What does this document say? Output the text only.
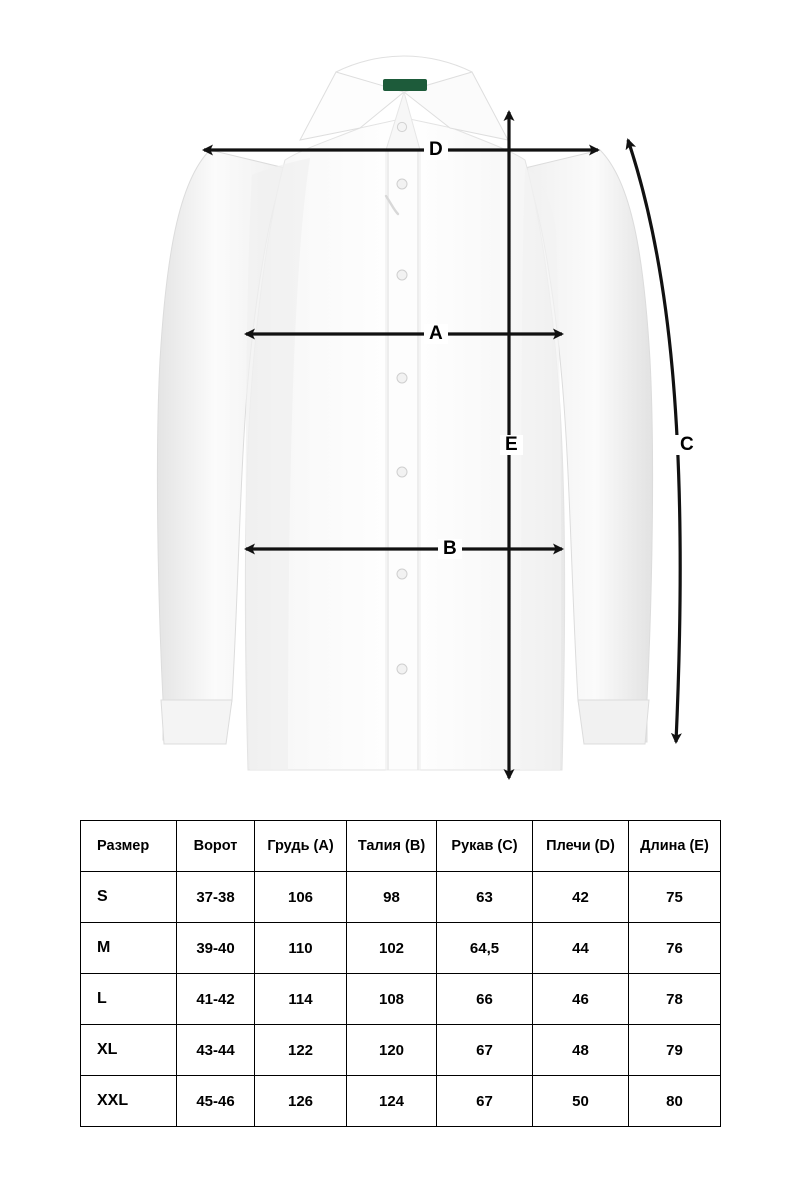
D
A
B
E	C
Размер	Ворот	Грудь (A)	Талия (B)	Рукав (C)	Плечи (D)	Длина (E)
S	37-38	106	98	63	42	75
M	39-40	110	102	64,5	44	76
L	41-42	114	108	66	46	78
XL	43-44	122	120	67	48	79
XXL	45-46	126	124	67	50	80
